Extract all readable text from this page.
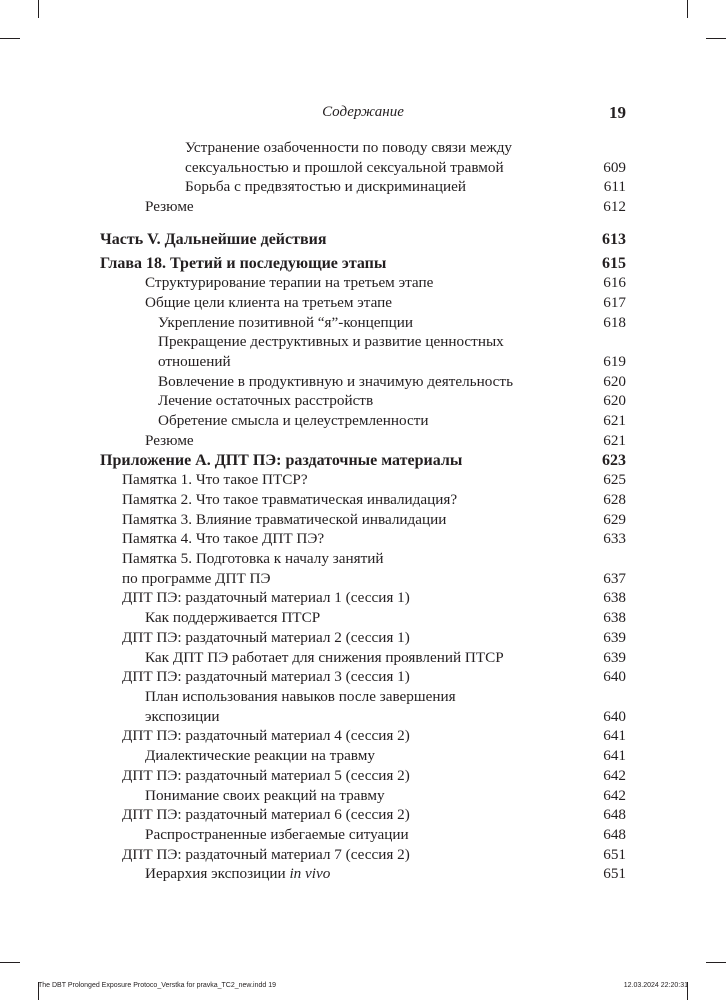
Содержание	19
Устранение озабоченности по поводу связи между сексуальностью и прошлой сексуальной травмой	609
Борьба с предвзятостью и дискриминацией	611
Резюме	612
Часть V. Дальнейшие действия	613
Глава 18. Третий и последующие этапы	615
Структурирование терапии на третьем этапе	616
Общие цели клиента на третьем этапе	617
Укрепление позитивной “я”-концепции	618
Прекращение деструктивных и развитие ценностных отношений	619
Вовлечение в продуктивную и значимую деятельность	620
Лечение остаточных расстройств	620
Обретение смысла и целеустремленности	621
Резюме	621
Приложение А. ДПТ ПЭ: раздаточные материалы	623
Памятка 1. Что такое ПТСР?	625
Памятка 2. Что такое травматическая инвалидация?	628
Памятка 3. Влияние травматической инвалидации	629
Памятка 4. Что такое ДПТ ПЭ?	633
Памятка 5. Подготовка к началу занятий по программе ДПТ ПЭ	637
ДПТ ПЭ: раздаточный материал 1 (сессия 1)	638
Как поддерживается ПТСР	638
ДПТ ПЭ: раздаточный материал 2 (сессия 1)	639
Как ДПТ ПЭ работает для снижения проявлений ПТСР	639
ДПТ ПЭ: раздаточный материал 3 (сессия 1)	640
План использования навыков после завершения экспозиции	640
ДПТ ПЭ: раздаточный материал 4 (сессия 2)	641
Диалектические реакции на травму	641
ДПТ ПЭ: раздаточный материал 5 (сессия 2)	642
Понимание своих реакций на травму	642
ДПТ ПЭ: раздаточный материал 6 (сессия 2)	648
Распространенные избегаемые ситуации	648
ДПТ ПЭ: раздаточный материал 7 (сессия 2)	651
Иерархия экспозиции in vivo	651
The DBT Prolonged Exposure Protoco_Verstka for pravka_TC2_new.indd 19	12.03.2024 22:20:31
